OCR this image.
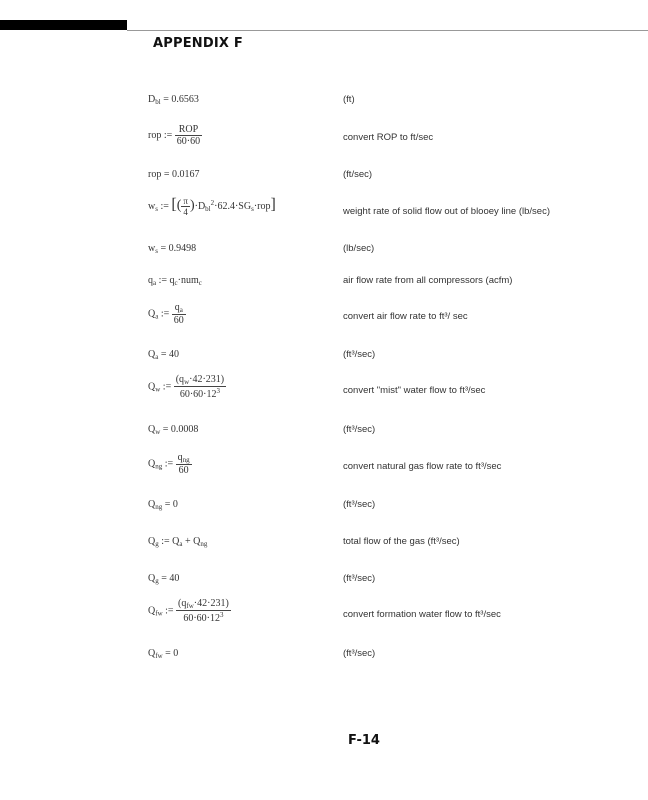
APPENDIX F
$D_{bl} = 0.6563$	(ft)
rop := $\frac{\text{ROP}}{60\cdot 60}$	convert ROP to ft/sec
rop = 0.0167	(ft/sec)
$w_s$ := [( $\frac{\pi}{4} )\cdot D_{bl}^2\cdot 62.4\cdot SG_s\cdot rop$]	weight rate of solid flow out of blooey line (lb/sec)
$w_s = 0.9498$	(lb/sec)
$q_a$ := $q_c\cdot num_c$	air flow rate from all compressors (acfm)
$Q_a$ := $\frac{q_a}{60}$	convert air flow rate to ft³/ sec
$Q_a = 40$	(ft³/sec)
$Q_w$ := $\frac{(q_w\cdot 42\cdot 231)}{60\cdot 60\cdot 12^3}$	convert "mist" water flow to ft³/sec
$Q_w = 0.0008$	(ft³/sec)
$Q_{ng}$ := $\frac{q_{ng}}{60}$	convert natural gas flow rate to ft³/sec
$Q_{ng} = 0$	(ft³/sec)
$Q_g$ := $Q_a + Q_{ng}$	total flow of the gas (ft³/sec)
$Q_g = 40$	(ft³/sec)
$Q_{fw}$ := $\frac{(q_{fw}\cdot 42\cdot 231)}{60\cdot 60\cdot 12^3}$	convert formation water flow to ft³/sec
$Q_{fw} = 0$	(ft³/sec)
F-14
